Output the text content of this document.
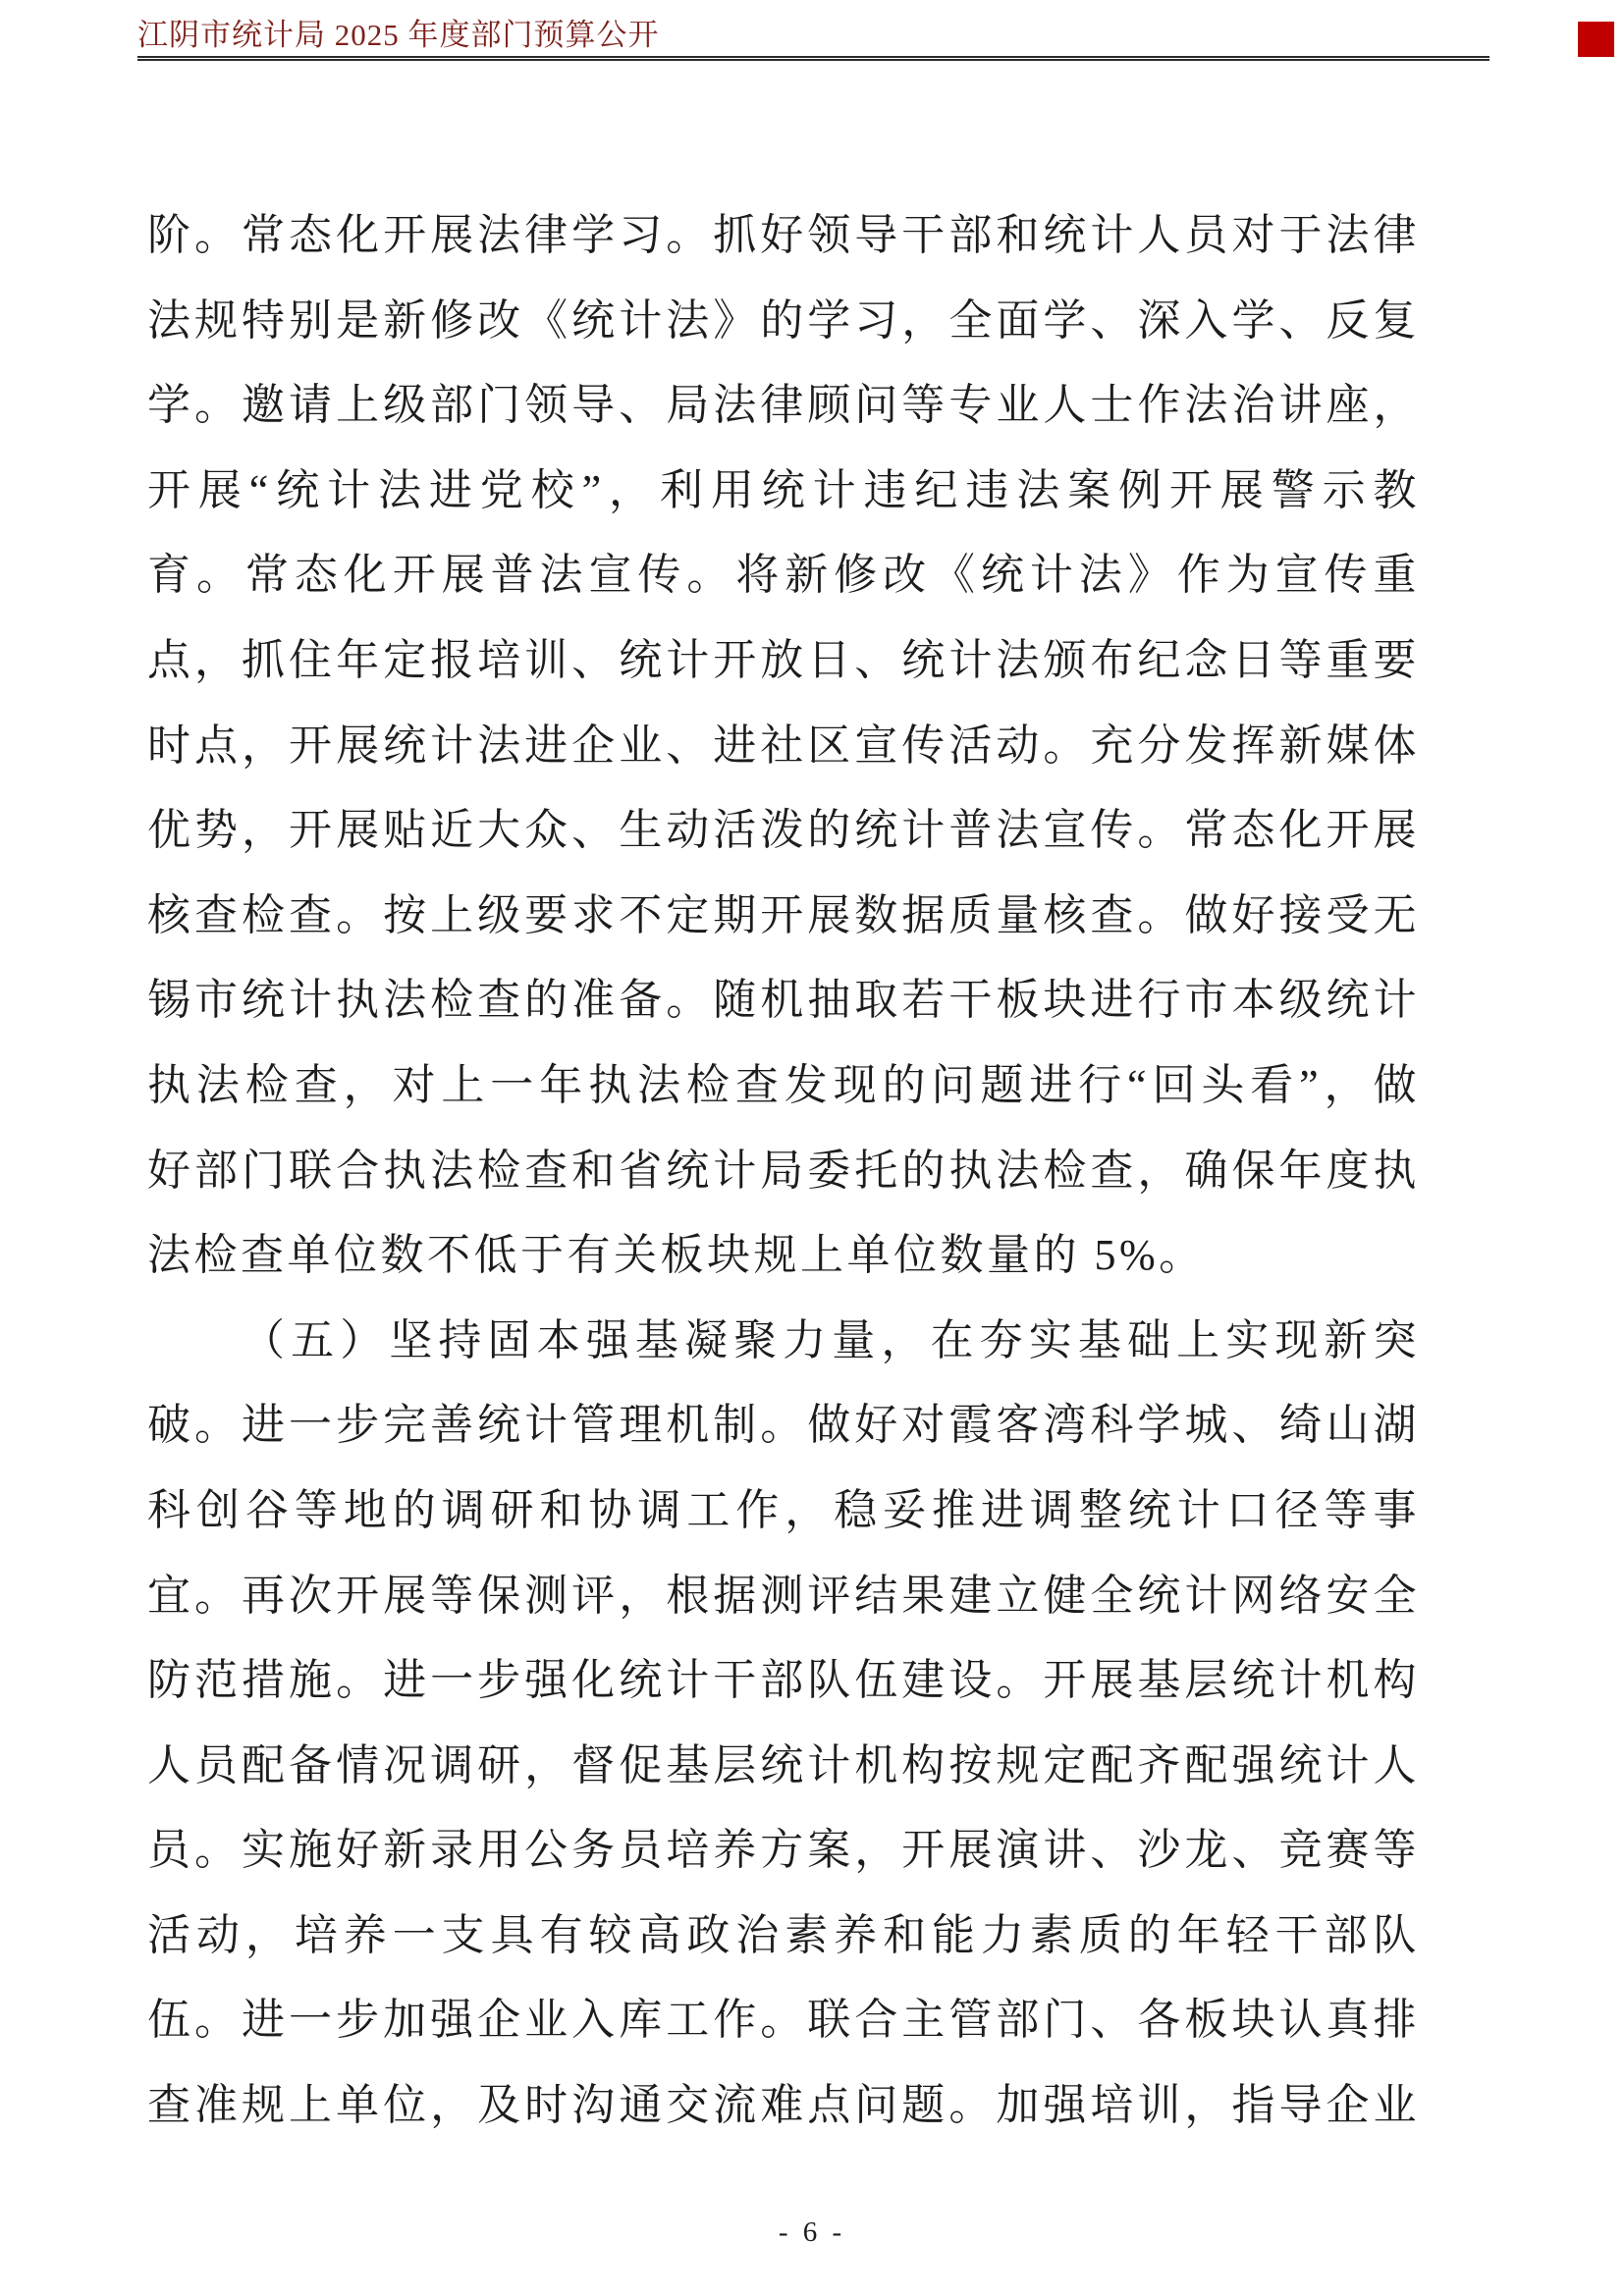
江阴市统计局 2025 年度部门预算公开
阶。常态化开展法律学习。抓好领导干部和统计人员对于法律
法规特别是新修改《统计法》的学习，全面学、深入学、反复
学。邀请上级部门领导、局法律顾问等专业人士作法治讲座，
开展“统计法进党校”，利用统计违纪违法案例开展警示教
育。常态化开展普法宣传。将新修改《统计法》作为宣传重
点，抓住年定报培训、统计开放日、统计法颁布纪念日等重要
时点，开展统计法进企业、进社区宣传活动。充分发挥新媒体
优势，开展贴近大众、生动活泼的统计普法宣传。常态化开展
核查检查。按上级要求不定期开展数据质量核查。做好接受无
锡市统计执法检查的准备。随机抽取若干板块进行市本级统计
执法检查，对上一年执法检查发现的问题进行“回头看”，做
好部门联合执法检查和省统计局委托的执法检查，确保年度执
法检查单位数不低于有关板块规上单位数量的 5%。
（五）坚持固本强基凝聚力量，在夯实基础上实现新突
破。进一步完善统计管理机制。做好对霞客湾科学城、绮山湖
科创谷等地的调研和协调工作，稳妥推进调整统计口径等事
宜。再次开展等保测评，根据测评结果建立健全统计网络安全
防范措施。进一步强化统计干部队伍建设。开展基层统计机构
人员配备情况调研，督促基层统计机构按规定配齐配强统计人
员。实施好新录用公务员培养方案，开展演讲、沙龙、竞赛等
活动，培养一支具有较高政治素养和能力素质的年轻干部队
伍。进一步加强企业入库工作。联合主管部门、各板块认真排
查准规上单位，及时沟通交流难点问题。加强培训，指导企业
- 6 -
